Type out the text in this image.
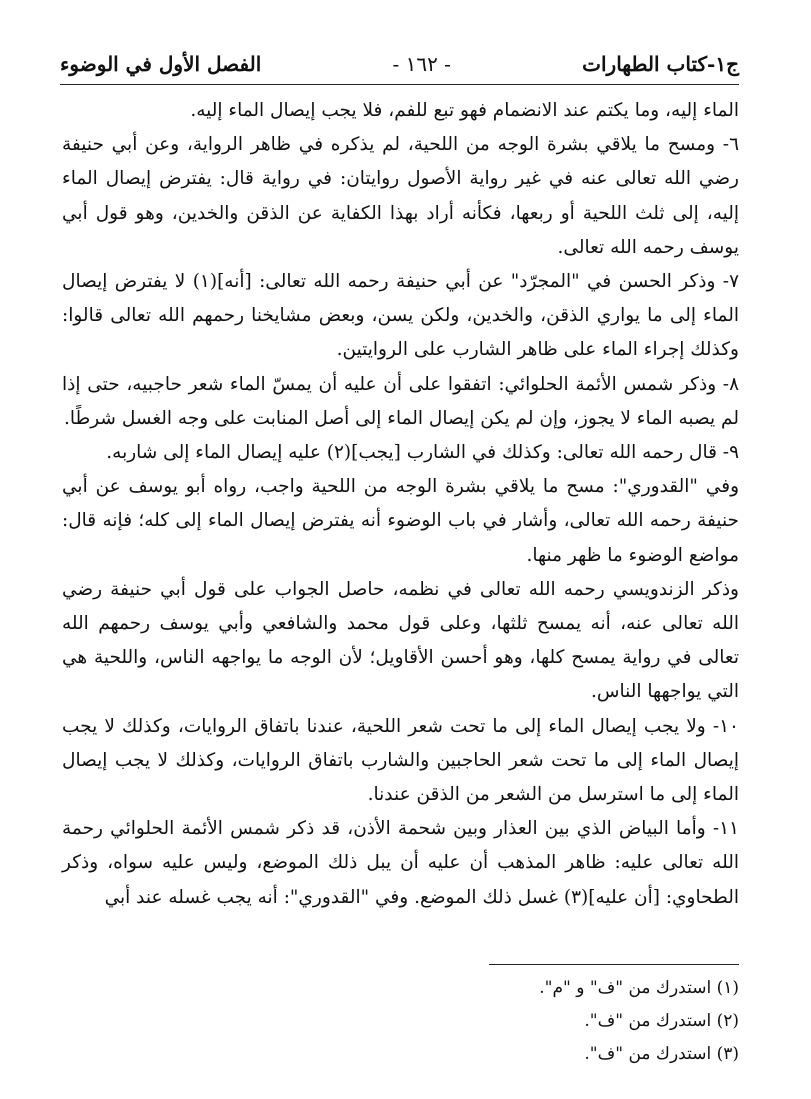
ج١-كتاب الطهارات
- ١٦٢ -
الفصل الأول في الوضوء

الماء إليه، وما يكتم عند الانضمام فهو تبع للفم، فلا يجب إيصال الماء إليه.

٦- ومسح ما يلاقي بشرة الوجه من اللحية، لم يذكره في ظاهر الرواية، وعن أبي حنيفة رضي الله تعالى عنه في غير رواية الأصول روايتان: في رواية قال: يفترض إيصال الماء إليه، إلى ثلث اللحية أو ربعها، فكأنه أراد بهذا الكفاية عن الذقن والخدين، وهو قول أبي يوسف رحمه الله تعالى.

٧- وذكر الحسن في "المجرّد" عن أبي حنيفة رحمه الله تعالى: [أنه](١) لا يفترض إيصال الماء إلى ما يواري الذقن، والخدين، ولكن يسن، وبعض مشايخنا رحمهم الله تعالى قالوا: وكذلك إجراء الماء على ظاهر الشارب على الروايتين.

٨- وذكر شمس الأئمة الحلوائي: اتفقوا على أن عليه أن يمسّ الماء شعر حاجبيه، حتى إذا لم يصبه الماء لا يجوز، وإن لم يكن إيصال الماء إلى أصل المنابت على وجه الغسل شرطًا.

٩- قال رحمه الله تعالى: وكذلك في الشارب [يجب](٢) عليه إيصال الماء إلى شاربه.

وفي "القدوري": مسح ما يلاقي بشرة الوجه من اللحية واجب، رواه أبو يوسف عن أبي حنيفة رحمه الله تعالى، وأشار في باب الوضوء أنه يفترض إيصال الماء إلى كله؛ فإنه قال: مواضع الوضوء ما ظهر منها.

وذكر الزندويسي رحمه الله تعالى في نظمه، حاصل الجواب على قول أبي حنيفة رضي الله تعالى عنه، أنه يمسح ثلثها، وعلى قول محمد والشافعي وأبي يوسف رحمهم الله تعالى في رواية يمسح كلها، وهو أحسن الأقاويل؛ لأن الوجه ما يواجهه الناس، واللحية هي التي يواجهها الناس.

١٠- ولا يجب إيصال الماء إلى ما تحت شعر اللحية، عندنا باتفاق الروايات، وكذلك لا يجب إيصال الماء إلى ما تحت شعر الحاجبين والشارب باتفاق الروايات، وكذلك لا يجب إيصال الماء إلى ما استرسل من الشعر من الذقن عندنا.

١١- وأما البياض الذي بين العذار وبين شحمة الأذن، قد ذكر شمس الأئمة الحلوائي رحمة الله تعالى عليه: ظاهر المذهب أن عليه أن يبل ذلك الموضع، وليس عليه سواه، وذكر الطحاوي: [أن عليه](٣) غسل ذلك الموضع. وفي "القدوري": أنه يجب غسله عند أبي

(١) استدرك من "ف" و "م".

(٢) استدرك من "ف".

(٣) استدرك من "ف".
